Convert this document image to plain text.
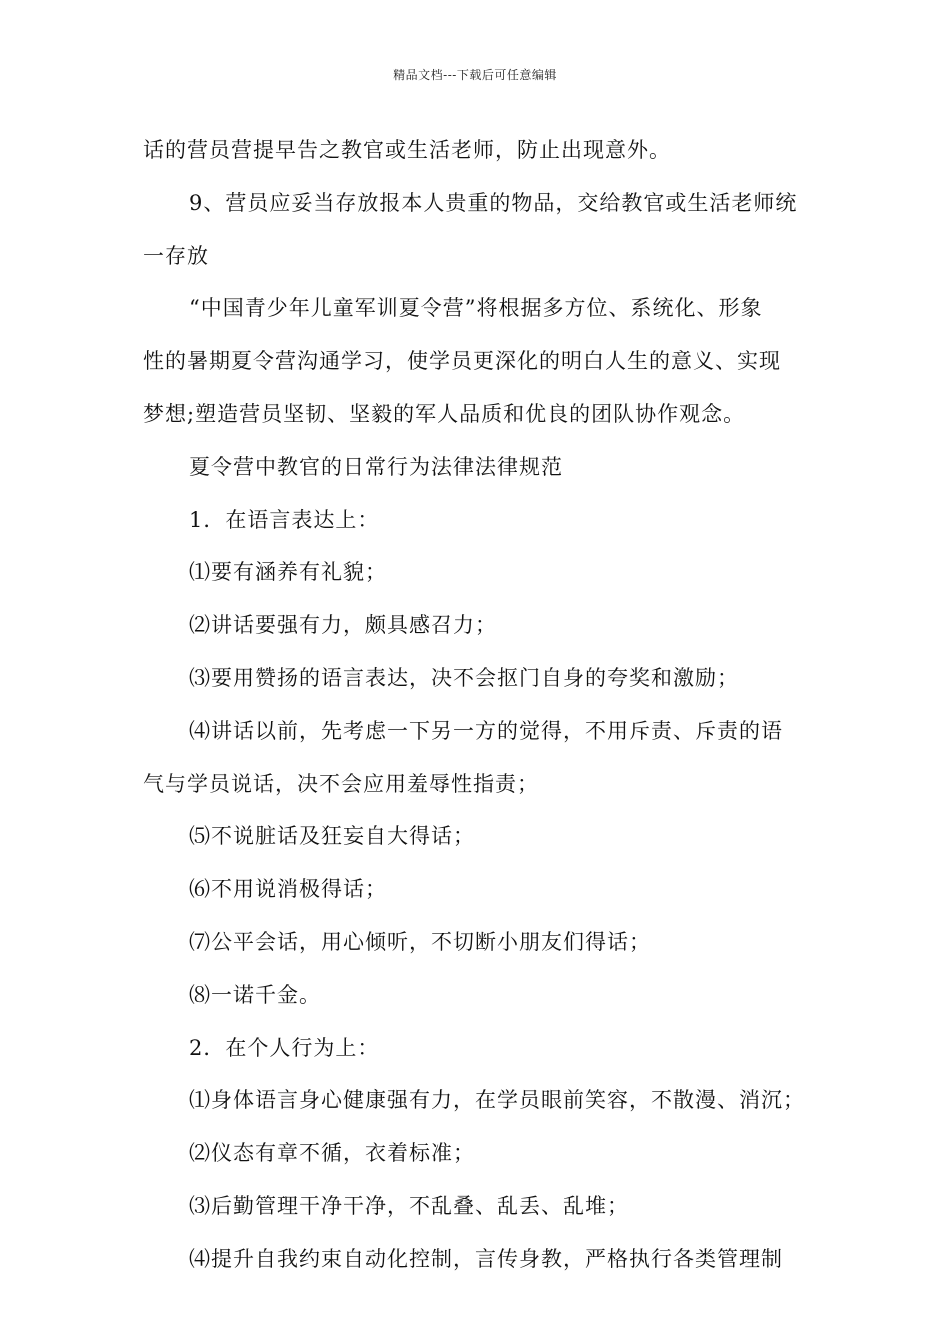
精品文档---下载后可任意编辑
话的营员营提早告之教官或生活老师，防止出现意外。
9、营员应妥当存放报本人贵重的物品，交给教官或生活老师统
一存放
“中国青少年儿童军训夏令营”将根据多方位、系统化、形象
性的暑期夏令营沟通学习，使学员更深化的明白人生的意义、实现
梦想;塑造营员坚韧、坚毅的军人品质和优良的团队协作观念。
夏令营中教官的日常行为法律法律规范
1．在语言表达上：
⑴要有涵养有礼貌；
⑵讲话要强有力，颇具感召力；
⑶要用赞扬的语言表达，决不会抠门自身的夸奖和激励；
⑷讲话以前，先考虑一下另一方的觉得，不用斥责、斥责的语
气与学员说话，决不会应用羞辱性指责；
⑸不说脏话及狂妄自大得话；
⑹不用说消极得话；
⑺公平会话，用心倾听，不切断小朋友们得话；
⑻一诺千金。
2．在个人行为上：
⑴身体语言身心健康强有力，在学员眼前笑容，不散漫、消沉；
⑵仪态有章不循，衣着标准；
⑶后勤管理干净干净，不乱叠、乱丢、乱堆；
⑷提升自我约束自动化控制，言传身教，严格执行各类管理制
